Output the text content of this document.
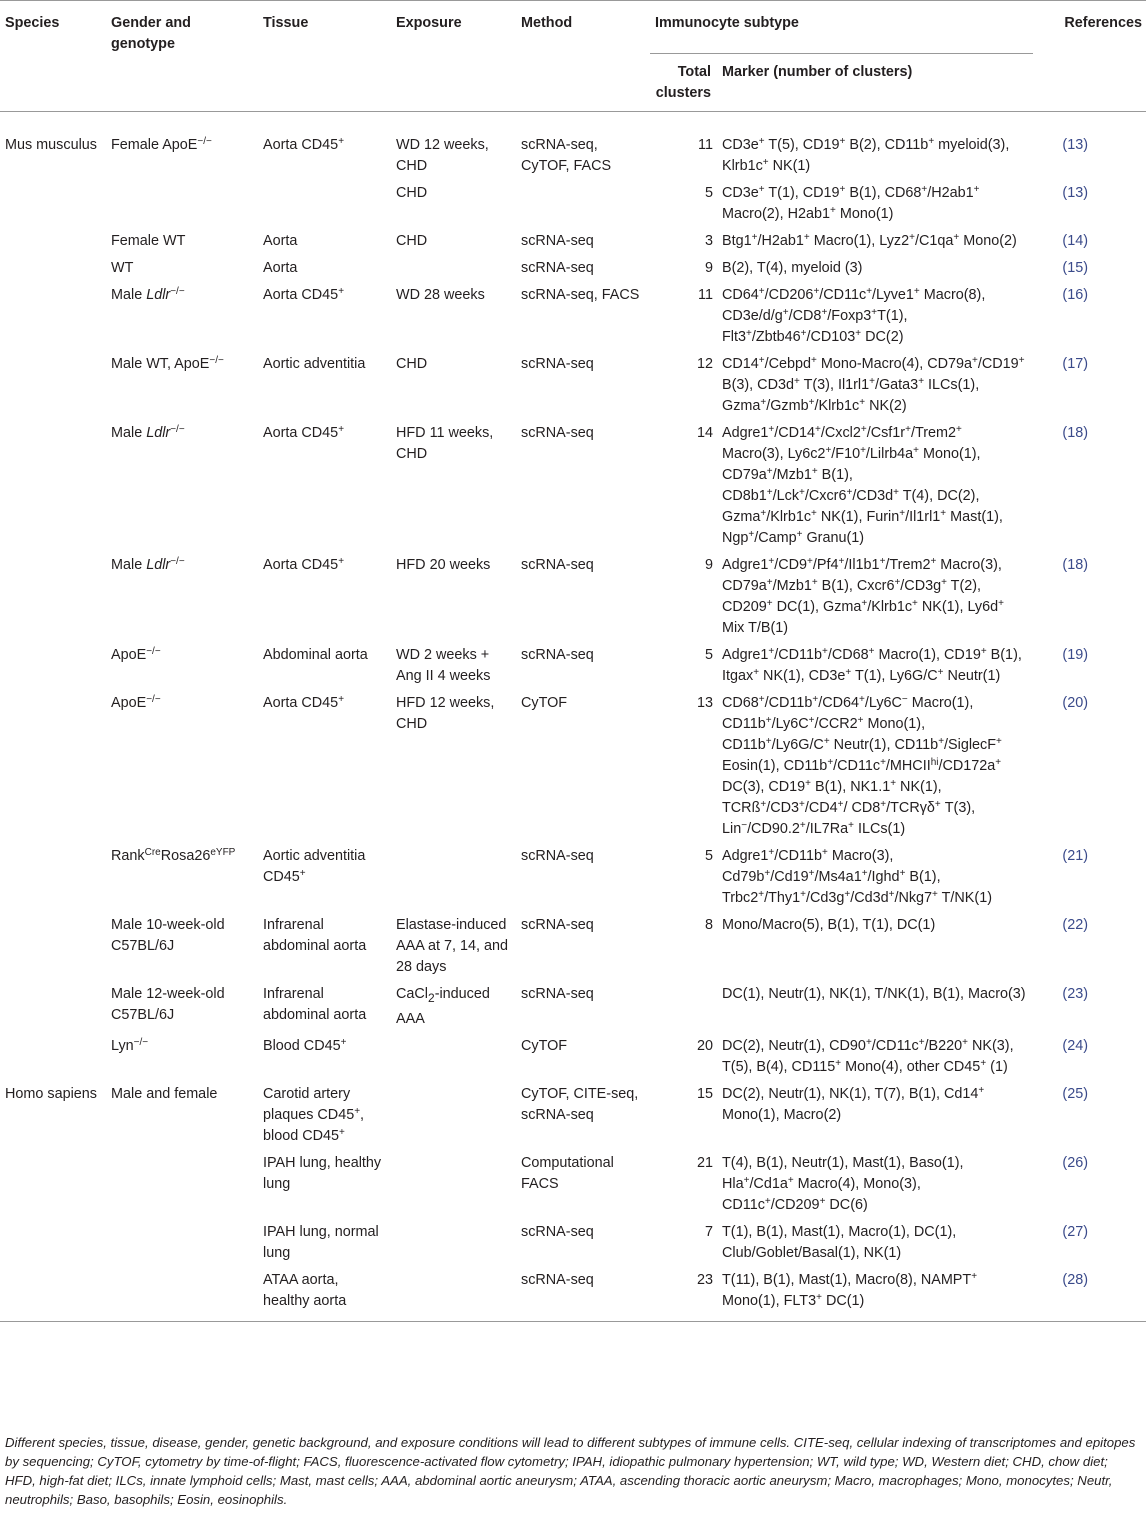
Species	Gender and genotype	Tissue	Exposure	Method	Immunocyte subtype		References
					Total clusters	Marker (number of clusters)	
Mus musculus	Female ApoE−/−	Aorta CD45+	WD 12 weeks, CHD	scRNA-seq, CyTOF, FACS	11	CD3e+ T(5), CD19+ B(2), CD11b+ myeloid(3), Klrb1c+ NK(1)	(13)
			CHD		5	CD3e+ T(1), CD19+ B(1), CD68+/H2ab1+ Macro(2), H2ab1+ Mono(1)	(13)
	Female WT	Aorta	CHD	scRNA-seq	3	Btg1+/H2ab1+ Macro(1), Lyz2+/C1qa+ Mono(2)	(14)
	WT	Aorta		scRNA-seq	9	B(2), T(4), myeloid (3)	(15)
	Male Ldlr−/−	Aorta CD45+	WD 28 weeks	scRNA-seq, FACS	11	CD64+/CD206+/CD11c+/Lyve1+ Macro(8), CD3e/d/g+/CD8+/Foxp3+T(1), Flt3+/Zbtb46+/CD103+ DC(2)	(16)
	Male WT, ApoE−/−	Aortic adventitia	CHD	scRNA-seq	12	CD14+/Cebpd+ Mono-Macro(4), CD79a+/CD19+ B(3), CD3d+ T(3), Il1rl1+/Gata3+ ILCs(1), Gzma+/Gzmb+/Klrb1c+ NK(2)	(17)
	Male Ldlr−/−	Aorta CD45+	HFD 11 weeks, CHD	scRNA-seq	14	Adgre1+/CD14+/Cxcl2+/Csf1r+/Trem2+ Macro(3), Ly6c2+/F10+/Lilrb4a+ Mono(1), CD79a+/Mzb1+ B(1), CD8b1+/Lck+/Cxcr6+/CD3d+ T(4), DC(2), Gzma+/Klrb1c+ NK(1), Furin+/Il1rl1+ Mast(1), Ngp+/Camp+ Granu(1)	(18)
	Male Ldlr−/−	Aorta CD45+	HFD 20 weeks	scRNA-seq	9	Adgre1+/CD9+/Pf4+/Il1b1+/Trem2+ Macro(3), CD79a+/Mzb1+ B(1), Cxcr6+/CD3g+ T(2), CD209+ DC(1), Gzma+/Klrb1c+ NK(1), Ly6d+ Mix T/B(1)	(18)
	ApoE−/−	Abdominal aorta	WD 2 weeks + Ang II 4 weeks	scRNA-seq	5	Adgre1+/CD11b+/CD68+ Macro(1), CD19+ B(1), Itgax+ NK(1), CD3e+ T(1), Ly6G/C+ Neutr(1)	(19)
	ApoE−/−	Aorta CD45+	HFD 12 weeks, CHD	CyTOF	13	CD68+/CD11b+/CD64+/Ly6C− Macro(1), CD11b+/Ly6C+/CCR2+ Mono(1), CD11b+/Ly6G/C+ Neutr(1), CD11b+/SiglecF+ Eosin(1), $CD11b^+/CD11c^+/MHCII^{hi}/CD172a^+$ DC(3), CD19+ B(1), NK1.1+ NK(1), TCRß+/CD3+/CD4+/ CD8+/TCRγδ+ T(3), Lin−/CD90.2+/IL7Ra+ ILCs(1)	(20)
	$Rank^{Cre}Rosa26^{eYFP}$	Aortic adventitia CD45+		scRNA-seq	5	Adgre1+/CD11b+ Macro(3), Cd79b+/Cd19+/Ms4a1+/Ighd+ B(1), Trbc2+/Thy1+/Cd3g+/Cd3d+/Nkg7+ T/NK(1)	(21)
	Male 10-week-old C57BL/6J	Infrarenal abdominal aorta	Elastase-induced AAA at 7, 14, and 28 days	scRNA-seq	8	Mono/Macro(5), B(1), T(1), DC(1)	(22)
	Male 12-week-old C57BL/6J	Infrarenal abdominal aorta	CaCl$_2$-induced AAA	scRNA-seq		DC(1), Neutr(1), NK(1), T/NK(1), B(1), Macro(3)	(23)
	Lyn−/−	Blood CD45+		CyTOF	20	DC(2), Neutr(1), CD90+/CD11c+/B220+ NK(3), T(5), B(4), CD115+ Mono(4), other CD45+ (1)	(24)
Homo sapiens	Male and female	Carotid artery plaques CD45+, blood CD45+		CyTOF, CITE-seq, scRNA-seq	15	DC(2), Neutr(1), NK(1), T(7), B(1), Cd14+ Mono(1), Macro(2)	(25)
		IPAH lung, healthy lung		Computational FACS	21	T(4), B(1), Neutr(1), Mast(1), Baso(1), Hla+/Cd1a+ Macro(4), Mono(3), CD11c+/CD209+ DC(6)	(26)
		IPAH lung, normal lung		scRNA-seq	7	T(1), B(1), Mast(1), Macro(1), DC(1), Club/Goblet/Basal(1), NK(1)	(27)
		ATAA aorta, healthy aorta		scRNA-seq	23	T(11), B(1), Mast(1), Macro(8), NAMPT+ Mono(1), FLT3+ DC(1)	(28)
Different species, tissue, disease, gender, genetic background, and exposure conditions will lead to different subtypes of immune cells. CITE-seq, cellular indexing of transcriptomes and epitopes by sequencing; CyTOF, cytometry by time-of-flight; FACS, fluorescence-activated flow cytometry; IPAH, idiopathic pulmonary hypertension; WT, wild type; WD, Western diet; CHD, chow diet; HFD, high-fat diet; ILCs, innate lymphoid cells; Mast, mast cells; AAA, abdominal aortic aneurysm; ATAA, ascending thoracic aortic aneurysm; Macro, macrophages; Mono, monocytes; Neutr, neutrophils; Baso, basophils; Eosin, eosinophils.
